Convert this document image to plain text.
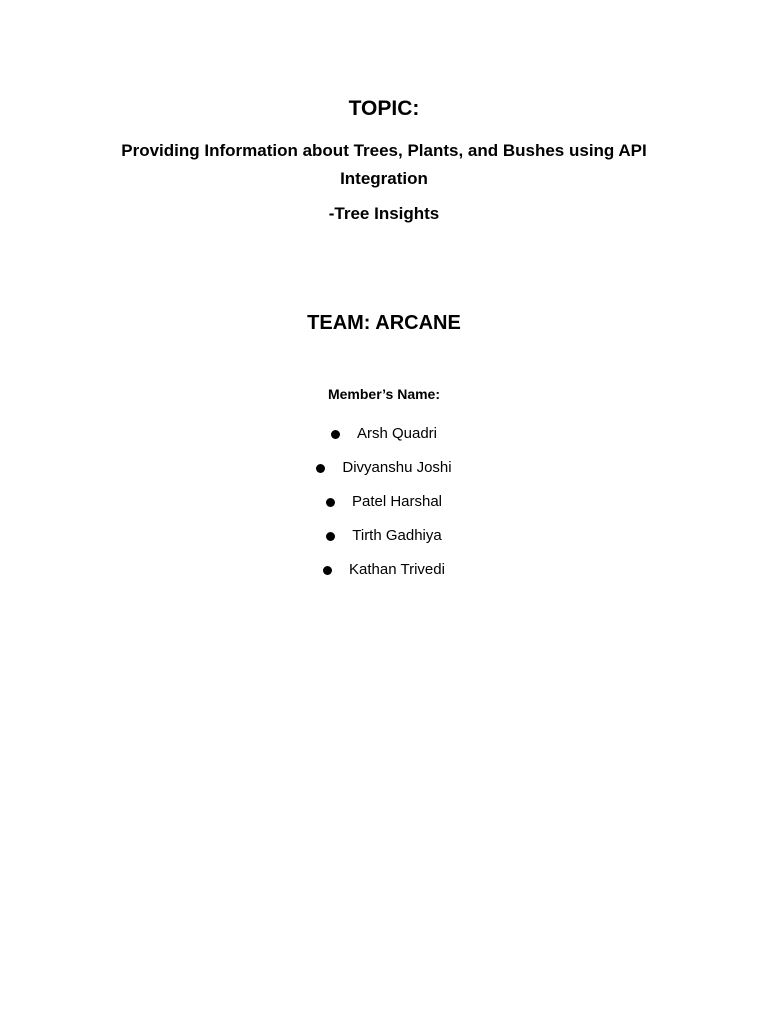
TOPIC:
Providing Information about Trees, Plants, and Bushes using API Integration
-Tree Insights
TEAM: ARCANE
Member’s Name:
Arsh Quadri
Divyanshu Joshi
Patel Harshal
Tirth Gadhiya
Kathan Trivedi
